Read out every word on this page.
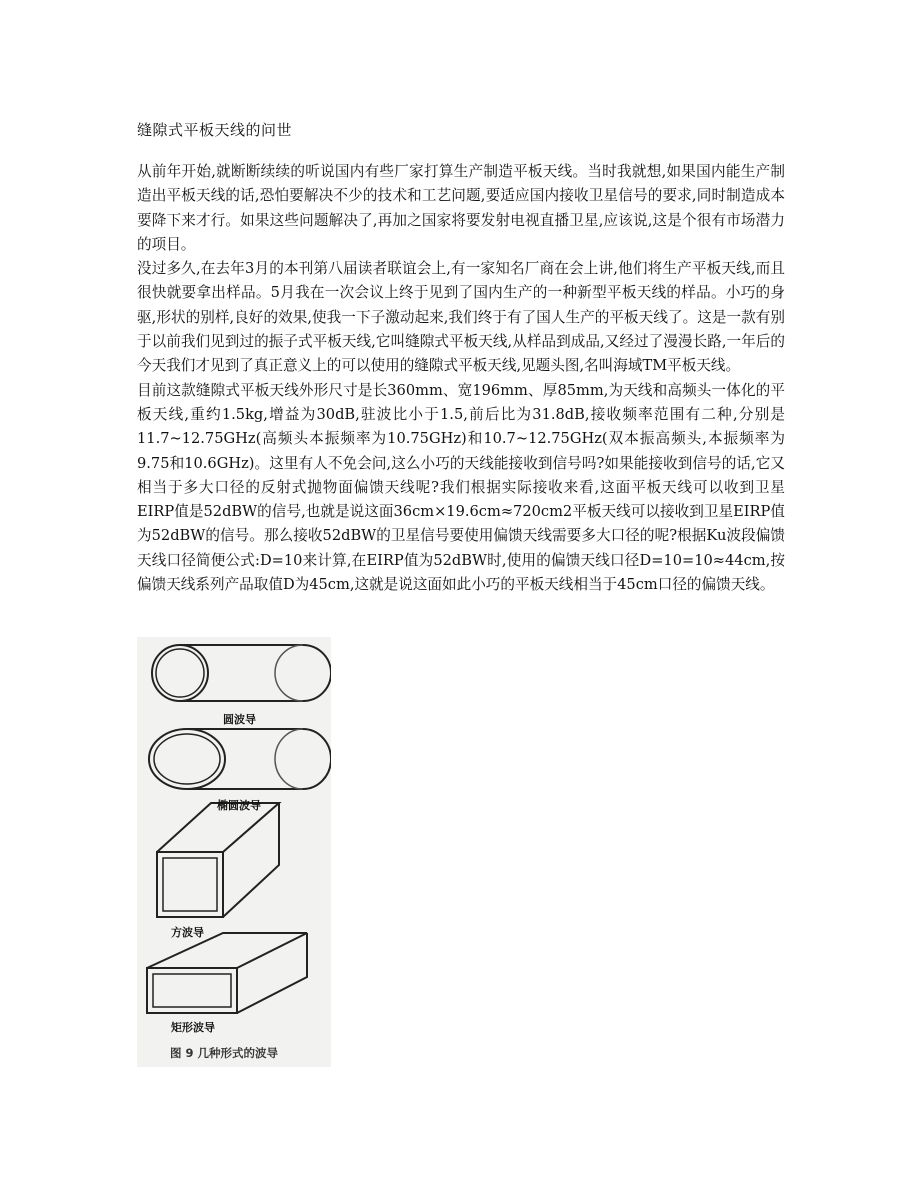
缝隙式平板天线的问世

从前年开始,就断断续续的听说国内有些厂家打算生产制造平板天线。当时我就想,如果国内能生产制造出平板天线的话,恐怕要解决不少的技术和工艺问题,要适应国内接收卫星信号的要求,同时制造成本要降下来才行。如果这些问题解决了,再加之国家将要发射电视直播卫星,应该说,这是个很有市场潜力的项目。

没过多久,在去年3月的本刊第八届读者联谊会上,有一家知名厂商在会上讲,他们将生产平板天线,而且很快就要拿出样品。5月我在一次会议上终于见到了国内生产的一种新型平板天线的样品。小巧的身驱,形状的别样,良好的效果,使我一下子激动起来,我们终于有了国人生产的平板天线了。这是一款有别于以前我们见到过的振子式平板天线,它叫缝隙式平板天线,从样品到成品,又经过了漫漫长路,一年后的今天我们才见到了真正意义上的可以使用的缝隙式平板天线,见题头图,名叫海域TM平板天线。

目前这款缝隙式平板天线外形尺寸是长360mm、宽196mm、厚85mm,为天线和高频头一体化的平板天线,重约1.5kg,增益为30dB,驻波比小于1.5,前后比为31.8dB,接收频率范围有二种,分别是11.7~12.75GHz(高频头本振频率为10.75GHz)和10.7~12.75GHz(双本振高频头,本振频率为9.75和10.6GHz)。这里有人不免会问,这么小巧的天线能接收到信号吗?如果能接收到信号的话,它又相当于多大口径的反射式抛物面偏馈天线呢?我们根据实际接收来看,这面平板天线可以收到卫星EIRP值是52dBW的信号,也就是说这面36cm×19.6cm≈720cm2平板天线可以接收到卫星EIRP值为52dBW的信号。那么接收52dBW的卫星信号要使用偏馈天线需要多大口径的呢?根据Ku波段偏馈天线口径简便公式:D=10来计算,在EIRP值为52dBW时,使用的偏馈天线口径D=10=10≈44cm,按偏馈天线系列产品取值D为45cm,这就是说这面如此小巧的平板天线相当于45cm口径的偏馈天线。

圆波导
椭圆波导
方波导
矩形波导
图 9 几种形式的波导
